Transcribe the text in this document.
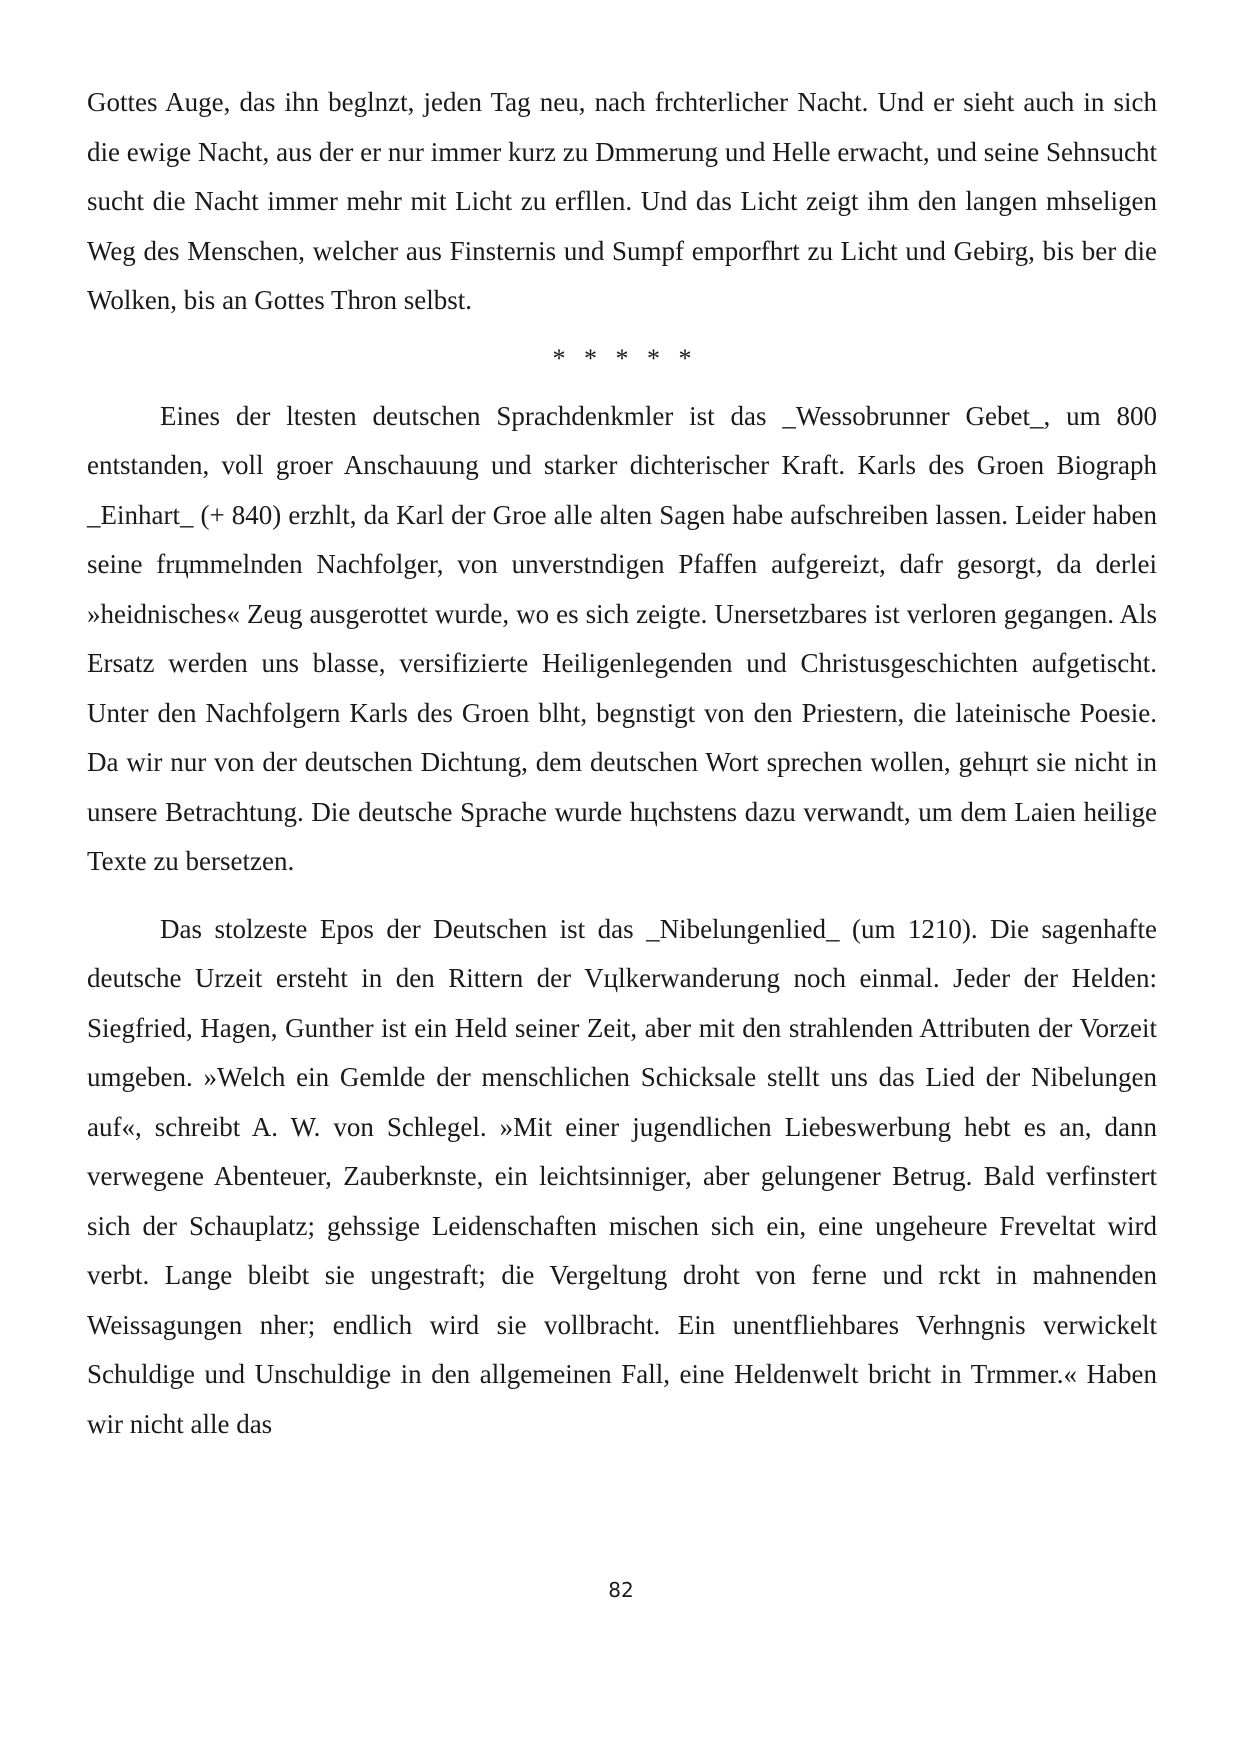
Gottes Auge, das ihn beglnzt, jeden Tag neu, nach frchterlicher Nacht. Und er sieht auch in sich die ewige Nacht, aus der er nur immer kurz zu Dmmerung und Helle erwacht, und seine Sehnsucht sucht die Nacht immer mehr mit Licht zu erfllen. Und das Licht zeigt ihm den langen mhseligen Weg des Menschen, welcher aus Finsternis und Sumpf emporfhrt zu Licht und Gebirg, bis ber die Wolken, bis an Gottes Thron selbst.

* * * * *

Eines der ltesten deutschen Sprachdenkmler ist das _Wessobrunner Gebet_, um 800 entstanden, voll groer Anschauung und starker dichterischer Kraft. Karls des Groen Biograph _Einhart_ (+ 840) erzhlt, da Karl der Groe alle alten Sagen habe aufschreiben lassen. Leider haben seine frцmmelnden Nachfolger, von unverstndigen Pfaffen aufgereizt, dafr gesorgt, da derlei »heidnisches« Zeug ausgerottet wurde, wo es sich zeigte. Unersetzbares ist verloren gegangen. Als Ersatz werden uns blasse, versifizierte Heiligenlegenden und Christusgeschichten aufgetischt. Unter den Nachfolgern Karls des Groen blht, begnstigt von den Priestern, die lateinische Poesie. Da wir nur von der deutschen Dichtung, dem deutschen Wort sprechen wollen, gehцrt sie nicht in unsere Betrachtung. Die deutsche Sprache wurde hцchstens dazu verwandt, um dem Laien heilige Texte zu bersetzen.

Das stolzeste Epos der Deutschen ist das _Nibelungenlied_ (um 1210). Die sagenhafte deutsche Urzeit ersteht in den Rittern der Vцlkerwanderung noch einmal. Jeder der Helden: Siegfried, Hagen, Gunther ist ein Held seiner Zeit, aber mit den strahlenden Attributen der Vorzeit umgeben. »Welch ein Gemlde der menschlichen Schicksale stellt uns das Lied der Nibelungen auf«, schreibt A. W. von Schlegel. »Mit einer jugendlichen Liebeswerbung hebt es an, dann verwegene Abenteuer, Zauberknste, ein leichtsinniger, aber gelungener Betrug. Bald verfinstert sich der Schauplatz; gehssige Leidenschaften mischen sich ein, eine ungeheure Freveltat wird verbt. Lange bleibt sie ungestraft; die Vergeltung droht von ferne und rckt in mahnenden Weissagungen nher; endlich wird sie vollbracht. Ein unentfliehbares Verhngnis verwickelt Schuldige und Unschuldige in den allgemeinen Fall, eine Heldenwelt bricht in Trmmer.« Haben wir nicht alle das

82
